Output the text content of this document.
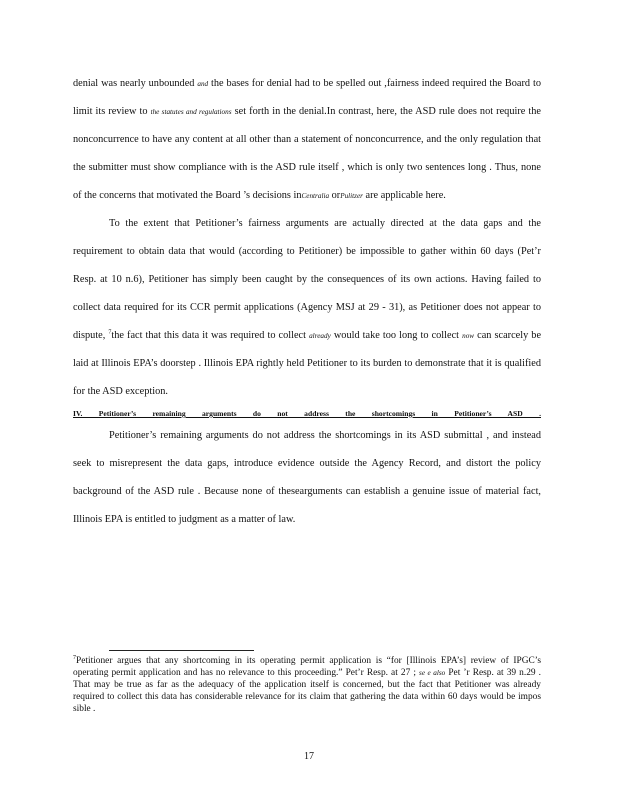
denial was nearly unbounded and the bases for denial had to be spelled out ,fairness indeed required the Board to limit its review to the statutes and regulations set forth in the denial.In contrast, here, the ASD rule does not require the nonconcurrence to have any content at all other than a statement of nonconcurrence, and the only regulation that the submitter must show compliance with is the ASD rule itself , which is only two sentences long . Thus, none of the concerns that motivated the Board ’s decisions inCentralia orPulitzer are applicable here.

To the extent that Petitioner’s fairness arguments are actually directed at the data gaps and the requirement to obtain data that would (according to Petitioner) be impossible to gather within 60 days (Pet’r Resp. at 10 n.6), Petitioner has simply been caught by the consequences of its own actions. Having failed to collect data required for its CCR permit applications (Agency MSJ at 29 - 31), as Petitioner does not appear to dispute, $^7$the fact that this data it was required to collect already would take too long to collect now can scarcely be laid at Illinois EPA’s doorstep . Illinois EPA rightly held Petitioner to its burden to demonstrate that it is qualified for the ASD exception.

IV. Petitioner’s remaining arguments do not address the shortcomings in Petitioner’s ASD .

Petitioner’s remaining arguments do not address the shortcomings in its ASD submittal , and instead seek to misrepresent the data gaps, introduce evidence outside the Agency Record, and distort the policy background of the ASD rule . Because none of thesearguments can establish a genuine issue of material fact, Illinois EPA is entitled to judgment as a matter of law.

$^7$Petitioner argues that any shortcoming in its operating permit application is “for [Illinois EPA’s] review of IPGC’s operating permit application and has no relevance to this proceeding.” Pet’r Resp. at 27 ; se e also Pet ’r Resp. at 39 n.29 . That may be true as far as the adequacy of the application itself is concerned, but the fact that Petitioner was already required to collect this data has considerable relevance for its claim that gathering the data within 60 days would be impos sible .

17
